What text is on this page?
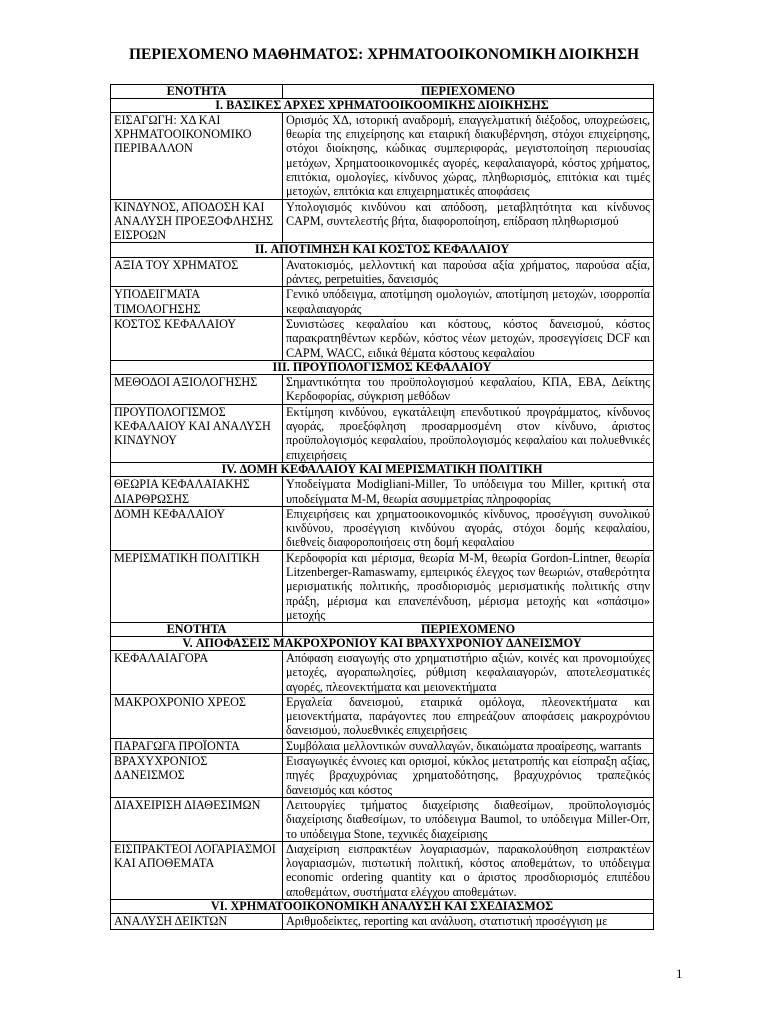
ΠΕΡΙΕΧΟΜΕΝΟ ΜΑΘΗΜΑΤΟΣ: ΧΡΗΜΑΤΟΟΙΚΟΝΟΜΙΚΗ ΔΙΟΙΚΗΣΗ
ΕΝΟΤΗΤΑ	ΠΕΡΙΕΧΟΜΕΝΟ
I. ΒΑΣΙΚΕΣ ΑΡΧΕΣ ΧΡΗΜΑΤΟΟΙΚΟΟΜΙΚΗΣ ΔΙΟΙΚΗΣΗΣ	
ΕΙΣΑΓΩΓΗ: ΧΔ ΚΑΙ ΧΡΗΜΑΤΟΟΙΚΟΝΟΜΙΚΟ ΠΕΡΙΒΑΛΛΟΝ	Ορισμός ΧΔ, ιστορική αναδρομή, επαγγελματική διέξοδος, υποχρεώσεις, θεωρία της επιχείρησης και εταιρική διακυβέρνηση, στόχοι επιχείρησης, στόχοι διοίκησης, κώδικας συμπεριφοράς, μεγιστοποίηση περιουσίας μετόχων, Χρηματοοικονομικές αγορές, κεφαλαιαγορά, κόστος χρήματος, επιτόκια, ομολογίες, κίνδυνος χώρας, πληθωρισμός, επιτόκια και τιμές μετοχών, επιτόκια και επιχειρηματικές αποφάσεις
ΚΙΝΔΥΝΟΣ, ΑΠΟΔΟΣΗ ΚΑΙ ΑΝΑΛΥΣΗ ΠΡΟΕΞΟΦΛΗΣΗΣ ΕΙΣΡΟΩΝ	Υπολογισμός κινδύνου και απόδοση, μεταβλητότητα και κίνδυνος CAPM, συντελεστής βήτα, διαφοροποίηση, επίδραση πληθωρισμού
II. ΑΠΟΤΙΜΗΣΗ ΚΑΙ ΚΟΣΤΟΣ ΚΕΦΑΛΑΙΟΥ	
ΑΞΙΑ ΤΟΥ ΧΡΗΜΑΤΟΣ	Ανατοκισμός, μελλοντική και παρούσα αξία χρήματος, παρούσα αξία, ράντες, perpetuities, δανεισμός
ΥΠΟΔΕΙΓΜΑΤΑ ΤΙΜΟΛΟΓΗΣΗΣ	Γενικό υπόδειγμα, αποτίμηση ομολογιών, αποτίμηση μετοχών, ισορροπία κεφαλαιαγοράς
ΚΟΣΤΟΣ ΚΕΦΑΛΑΙΟΥ	Συνιστώσες κεφαλαίου και κόστους, κόστος δανεισμού, κόστος παρακρατηθέντων κερδών, κόστος νέων μετοχών, προσεγγίσεις DCF και CAPM, WACC, ειδικά θέματα κόστους κεφαλαίου
III. ΠΡΟΥΠΟΛΟΓΙΣΜΟΣ ΚΕΦΑΛΑΙΟΥ	
ΜΕΘΟΔΟΙ ΑΞΙΟΛΟΓΗΣΗΣ	Σημαντικότητα του προϋπολογισμού κεφαλαίου, ΚΠΑ, ΕΒΑ, Δείκτης Κερδοφορίας, σύγκριση μεθόδων
ΠΡΟΥΠΟΛΟΓΙΣΜΟΣ ΚΕΦΑΛΑΙΟΥ ΚΑΙ ΑΝΑΛΥΣΗ ΚΙΝΔΥΝΟΥ	Εκτίμηση κινδύνου, εγκατάλειψη επενδυτικού προγράμματος, κίνδυνος αγοράς, προεξόφληση προσαρμοσμένη στον κίνδυνο, άριστος προϋπολογισμός κεφαλαίου, προϋπολογισμός κεφαλαίου και πολυεθνικές επιχειρήσεις
IV. ΔΟΜΗ ΚΕΦΑΛΑΙΟΥ ΚΑΙ ΜΕΡΙΣΜΑΤΙΚΗ ΠΟΛΙΤΙΚΗ	
ΘΕΩΡΙΑ ΚΕΦΑΛΑΙΑΚΗΣ ΔΙΑΡΘΡΩΣΗΣ	Υποδείγματα Modigliani-Miller, Το υπόδειγμα του Miller, κριτική στα υποδείγματα Μ-Μ, θεωρία ασυμμετρίας πληροφορίας
ΔΟΜΗ ΚΕΦΑΛΑΙΟΥ	Επιχειρήσεις και χρηματοοικονομικός κίνδυνος, προσέγγιση συνολικού κινδύνου, προσέγγιση κινδύνου αγοράς, στόχοι δομής κεφαλαίου, διεθνείς διαφοροποιήσεις στη δομή κεφαλαίου
ΜΕΡΙΣΜΑΤΙΚΗ ΠΟΛΙΤΙΚΗ	Κερδοφορία και μέρισμα, θεωρία Μ-Μ, θεωρία Gordon-Lintner, θεωρία Litzenberger-Ramaswamy, εμπειρικός έλεγχος των θεωριών, σταθερότητα μερισματικής πολιτικής, προσδιορισμός μερισματικής πολιτικής στην πράξη, μέρισμα και επανεπένδυση, μέρισμα μετοχής και «σπάσιμο» μετοχής
ΕΝΟΤΗΤΑ	ΠΕΡΙΕΧΟΜΕΝΟ
V. ΑΠΟΦΑΣΕΙΣ ΜΑΚΡΟΧΡΟΝΙΟΥ ΚΑΙ ΒΡΑΧΥΧΡΟΝΙΟΥ ΔΑΝΕΙΣΜΟΥ	
ΚΕΦΑΛΑΙΑΓΟΡΑ	Απόφαση εισαγωγής στο χρηματιστήριο αξιών, κοινές και προνομιούχες μετοχές, αγοραπωλησίες, ρύθμιση κεφαλαιαγορών, αποτελεσματικές αγορές, πλεονεκτήματα και μειονεκτήματα
ΜΑΚΡΟΧΡΟΝΙΟ ΧΡΕΟΣ	Εργαλεία δανεισμού, εταιρικά ομόλογα, πλεονεκτήματα και μειονεκτήματα, παράγοντες που επηρεάζουν αποφάσεις μακροχρόνιου δανεισμού, πολυεθνικές επιχειρήσεις
ΠΑΡΑΓΩΓΑ ΠΡΟΪΟΝΤΑ	Συμβόλαια μελλοντικών συναλλαγών, δικαιώματα προαίρεσης, warrants
ΒΡΑΧΥΧΡΟΝΙΟΣ ΔΑΝΕΙΣΜΟΣ	Εισαγωγικές έννοιες και ορισμοί, κύκλος μετατροπής και είσπραξη αξίας, πηγές βραχυχρόνιας χρηματοδότησης, βραχυχρόνιος τραπεζικός δανεισμός και κόστος
ΔΙΑΧΕΙΡΙΣΗ ΔΙΑΘΕΣΙΜΩΝ	Λειτουργίες τμήματος διαχείρισης διαθεσίμων, προϋπολογισμός διαχείρισης διαθεσίμων, το υπόδειγμα Baumol, το υπόδειγμα Miller-Orr, το υπόδειγμα Stone, τεχνικές διαχείρισης
ΕΙΣΠΡΑΚΤΕΟΙ ΛΟΓΑΡΙΑΣΜΟΙ ΚΑΙ ΑΠΟΘΕΜΑΤΑ	Διαχείριση εισπρακτέων λογαριασμών, παρακολούθηση εισπρακτέων λογαριασμών, πιστωτική πολιτική, κόστος αποθεμάτων, το υπόδειγμα economic ordering quantity και ο άριστος προσδιορισμός επιπέδου αποθεμάτων, συστήματα ελέγχου αποθεμάτων.
VI. ΧΡΗΜΑΤΟΟΙΚΟΝΟΜΙΚΗ ΑΝΑΛΥΣΗ ΚΑΙ ΣΧΕΔΙΑΣΜΟΣ	
ΑΝΑΛΥΣΗ ΔΕΙΚΤΩΝ	Αριθμοδείκτες, reporting και ανάλυση, στατιστική προσέγγιση με
1
